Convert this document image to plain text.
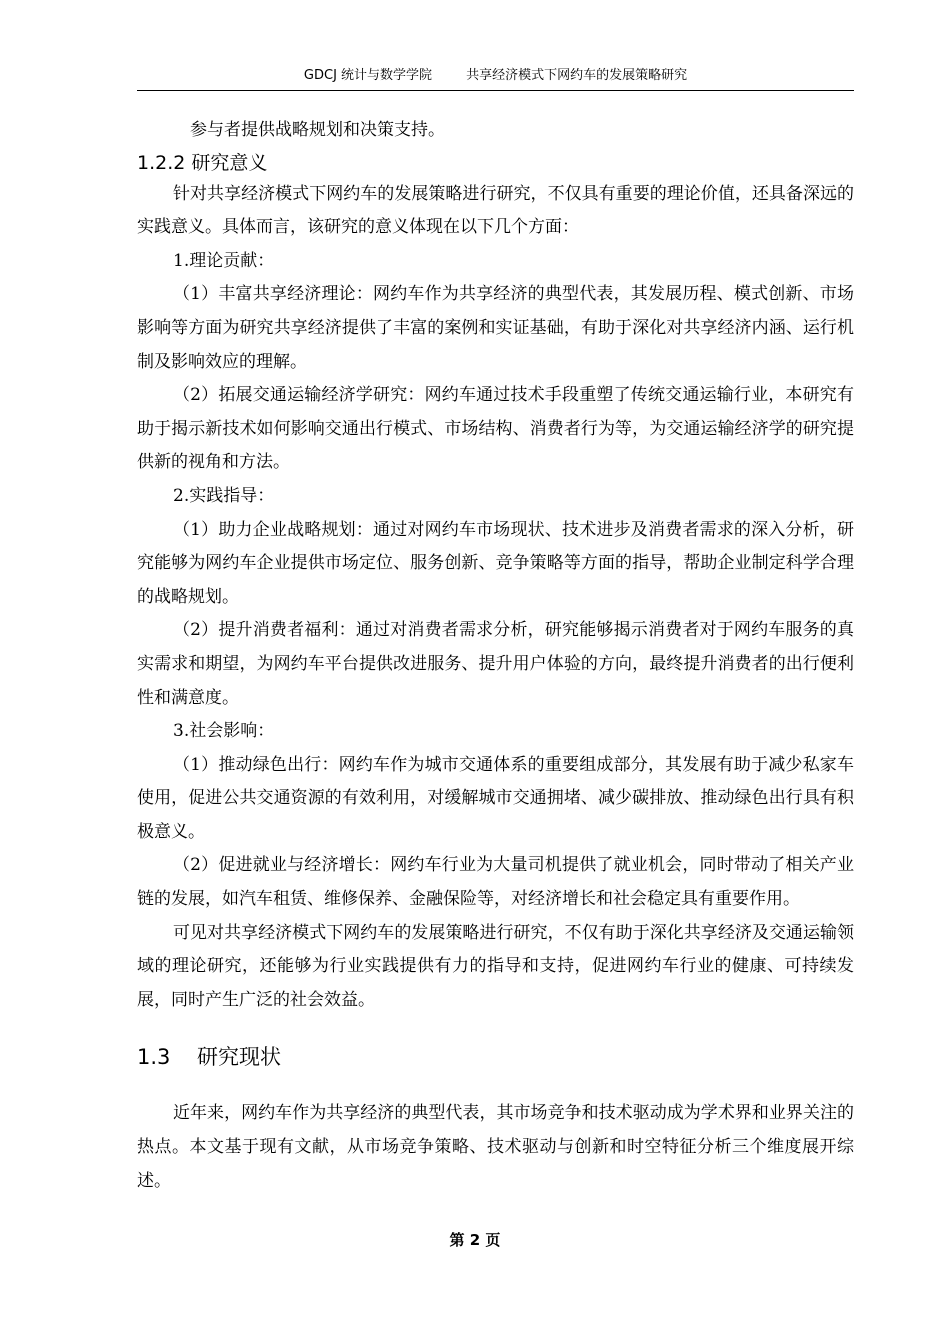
GDCJ 统计与数学学院	共享经济模式下网约车的发展策略研究

参与者提供战略规划和决策支持。

1.2.2 研究意义

针对共享经济模式下网约车的发展策略进行研究，不仅具有重要的理论价值，还具备深远的实践意义。具体而言，该研究的意义体现在以下几个方面：

1.理论贡献：

（1）丰富共享经济理论：网约车作为共享经济的典型代表，其发展历程、模式创新、市场影响等方面为研究共享经济提供了丰富的案例和实证基础，有助于深化对共享经济内涵、运行机制及影响效应的理解。

（2）拓展交通运输经济学研究：网约车通过技术手段重塑了传统交通运输行业，本研究有助于揭示新技术如何影响交通出行模式、市场结构、消费者行为等，为交通运输经济学的研究提供新的视角和方法。

2.实践指导：

（1）助力企业战略规划：通过对网约车市场现状、技术进步及消费者需求的深入分析，研究能够为网约车企业提供市场定位、服务创新、竞争策略等方面的指导，帮助企业制定科学合理的战略规划。

（2）提升消费者福利：通过对消费者需求分析，研究能够揭示消费者对于网约车服务的真实需求和期望，为网约车平台提供改进服务、提升用户体验的方向，最终提升消费者的出行便利性和满意度。

3.社会影响：

（1）推动绿色出行：网约车作为城市交通体系的重要组成部分，其发展有助于减少私家车使用，促进公共交通资源的有效利用，对缓解城市交通拥堵、减少碳排放、推动绿色出行具有积极意义。

（2）促进就业与经济增长：网约车行业为大量司机提供了就业机会，同时带动了相关产业链的发展，如汽车租赁、维修保养、金融保险等，对经济增长和社会稳定具有重要作用。

可见对共享经济模式下网约车的发展策略进行研究，不仅有助于深化共享经济及交通运输领域的理论研究，还能够为行业实践提供有力的指导和支持，促进网约车行业的健康、可持续发展，同时产生广泛的社会效益。

1.3 研究现状

近年来，网约车作为共享经济的典型代表，其市场竞争和技术驱动成为学术界和业界关注的热点。本文基于现有文献，从市场竞争策略、技术驱动与创新和时空特征分析三个维度展开综述。

第 2 页
